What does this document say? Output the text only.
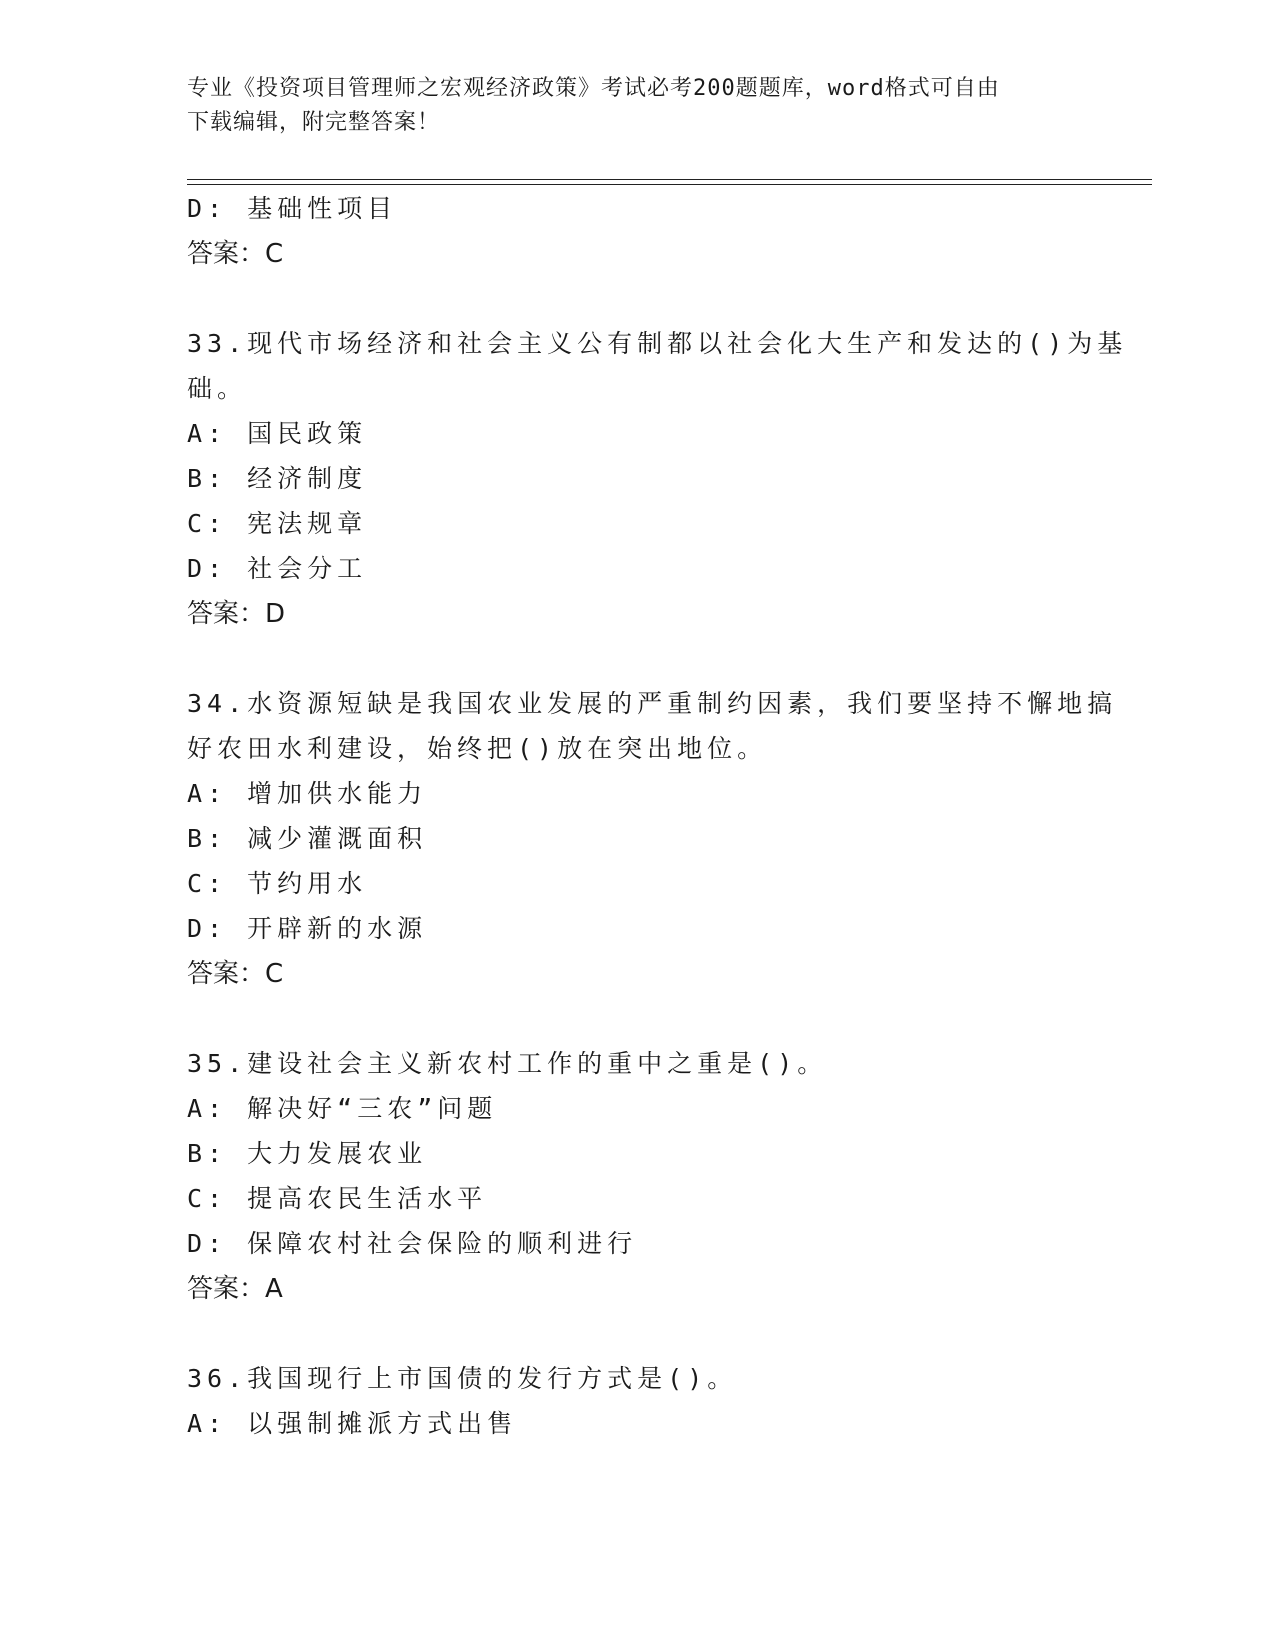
专业《投资项目管理师之宏观经济政策》考试必考200题题库，word格式可自由
下载编辑，附完整答案！
D: 基础性项目
答案：C
33.现代市场经济和社会主义公有制都以社会化大生产和发达的()为基
础。
A: 国民政策
B: 经济制度
C: 宪法规章
D: 社会分工
答案：D
34.水资源短缺是我国农业发展的严重制约因素，我们要坚持不懈地搞
好农田水利建设，始终把()放在突出地位。
A: 增加供水能力
B: 减少灌溉面积
C: 节约用水
D: 开辟新的水源
答案：C
35.建设社会主义新农村工作的重中之重是()。
A: 解决好“三农”问题
B: 大力发展农业
C: 提高农民生活水平
D: 保障农村社会保险的顺利进行
答案：A
36.我国现行上市国债的发行方式是()。
A: 以强制摊派方式出售
